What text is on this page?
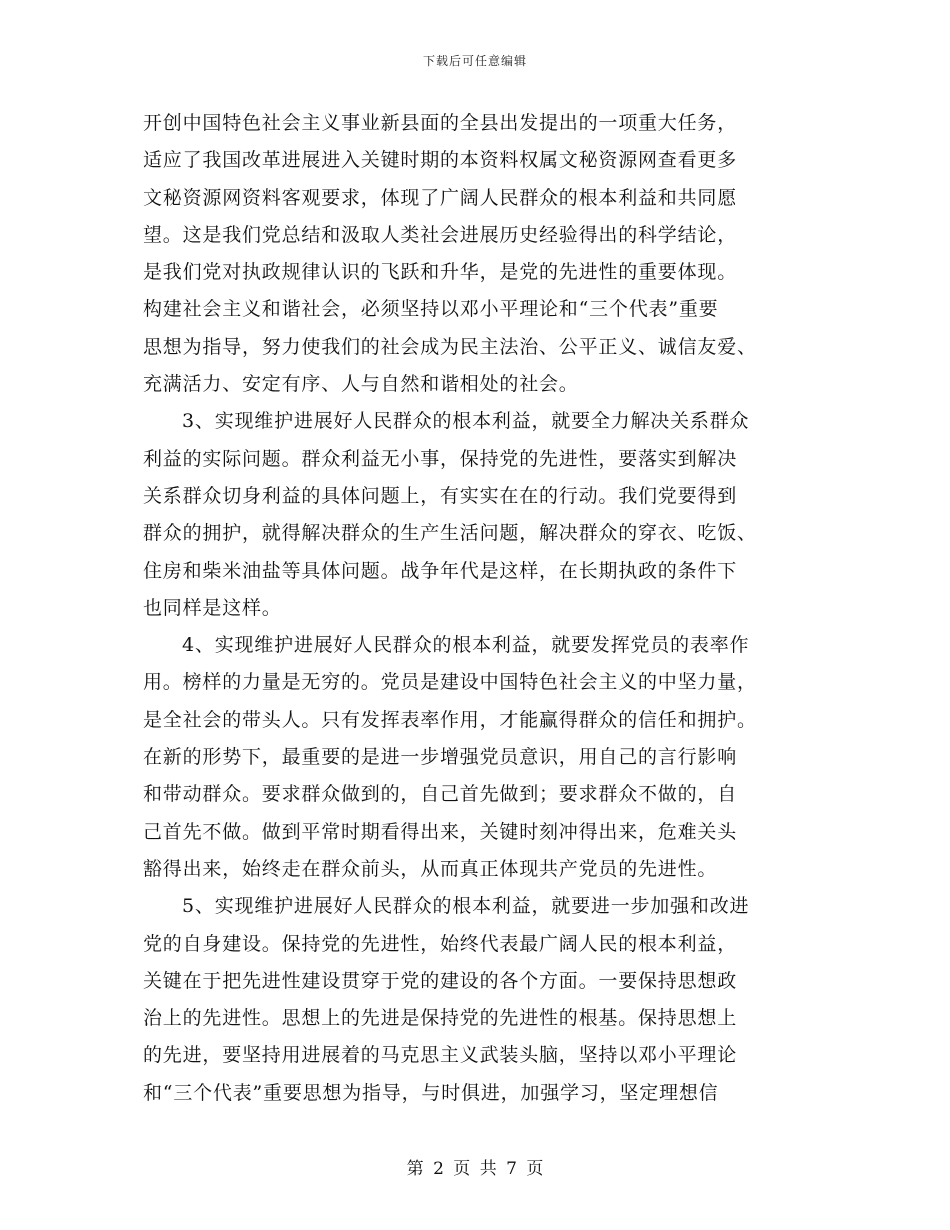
下载后可任意编辑
开创中国特色社会主义事业新县面的全县出发提出的一项重大任务，
适应了我国改革进展进入关键时期的本资料权属文秘资源网查看更多
文秘资源网资料客观要求，体现了广阔人民群众的根本利益和共同愿
望。这是我们党总结和汲取人类社会进展历史经验得出的科学结论，
是我们党对执政规律认识的飞跃和升华，是党的先进性的重要体现。
构建社会主义和谐社会，必须坚持以邓小平理论和“三个代表”重要
思想为指导，努力使我们的社会成为民主法治、公平正义、诚信友爱、
充满活力、安定有序、人与自然和谐相处的社会。
3、实现维护进展好人民群众的根本利益，就要全力解决关系群众
利益的实际问题。群众利益无小事，保持党的先进性，要落实到解决
关系群众切身利益的具体问题上，有实实在在的行动。我们党要得到
群众的拥护，就得解决群众的生产生活问题，解决群众的穿衣、吃饭、
住房和柴米油盐等具体问题。战争年代是这样，在长期执政的条件下
也同样是这样。
4、实现维护进展好人民群众的根本利益，就要发挥党员的表率作
用。榜样的力量是无穷的。党员是建设中国特色社会主义的中坚力量，
是全社会的带头人。只有发挥表率作用，才能赢得群众的信任和拥护。
在新的形势下，最重要的是进一步增强党员意识，用自己的言行影响
和带动群众。要求群众做到的，自己首先做到；要求群众不做的，自
己首先不做。做到平常时期看得出来，关键时刻冲得出来，危难关头
豁得出来，始终走在群众前头，从而真正体现共产党员的先进性。
5、实现维护进展好人民群众的根本利益，就要进一步加强和改进
党的自身建设。保持党的先进性，始终代表最广阔人民的根本利益，
关键在于把先进性建设贯穿于党的建设的各个方面。一要保持思想政
治上的先进性。思想上的先进是保持党的先进性的根基。保持思想上
的先进，要坚持用进展着的马克思主义武装头脑，坚持以邓小平理论
和“三个代表”重要思想为指导，与时俱进，加强学习，坚定理想信
第 2 页 共 7 页
